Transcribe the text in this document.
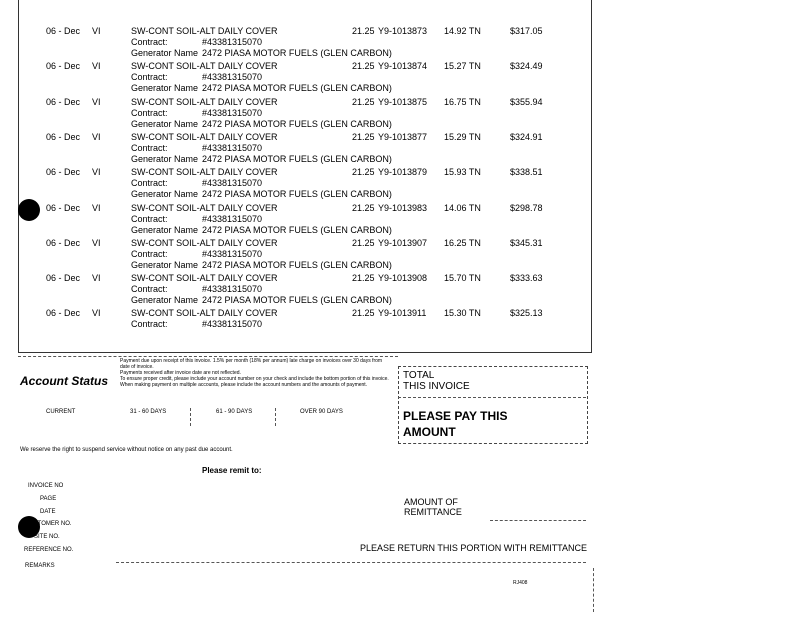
06 - Dec VI	SW-CONT SOIL-ALT DAILY COVER	21.25 Y9-1013873 14.92 TN	$317.05
Contract:	#43381315070
Generator Name 2472 PIASA MOTOR FUELS (GLEN CARBON)
06 - Dec VI	SW-CONT SOIL-ALT DAILY COVER	21.25 Y9-1013874 15.27 TN	$324.49
Contract:	#43381315070
Generator Name 2472 PIASA MOTOR FUELS (GLEN CARBON)
06 - Dec VI	SW-CONT SOIL-ALT DAILY COVER	21.25 Y9-1013875 16.75 TN	$355.94
Contract:	#43381315070
Generator Name 2472 PIASA MOTOR FUELS (GLEN CARBON)
06 - Dec VI	SW-CONT SOIL-ALT DAILY COVER	21.25 Y9-1013877 15.29 TN	$324.91
Contract:	#43381315070
Generator Name 2472 PIASA MOTOR FUELS (GLEN CARBON)
06 - Dec VI	SW-CONT SOIL-ALT DAILY COVER	21.25 Y9-1013879 15.93 TN	$338.51
Contract:	#43381315070
Generator Name 2472 PIASA MOTOR FUELS (GLEN CARBON)
06 - Dec VI	SW-CONT SOIL-ALT DAILY COVER	21.25 Y9-1013983 14.06 TN	$298.78
Contract:	#43381315070
Generator Name 2472 PIASA MOTOR FUELS (GLEN CARBON)
06 - Dec VI	SW-CONT SOIL-ALT DAILY COVER	21.25 Y9-1013907 16.25 TN	$345.31
Contract:	#43381315070
Generator Name 2472 PIASA MOTOR FUELS (GLEN CARBON)
06 - Dec VI	SW-CONT SOIL-ALT DAILY COVER	21.25 Y9-1013908 15.70 TN	$333.63
Contract:	#43381315070
Generator Name 2472 PIASA MOTOR FUELS (GLEN CARBON)
06 - Dec VI	SW-CONT SOIL-ALT DAILY COVER	21.25 Y9-1013911 15.30 TN	$325.13
Contract:	#43381315070
Account Status
Payment due upon receipt of this invoice. 1.5% per month (18% per annum) late charge on invoices over 30 days from date of invoice.
Payments received after invoice date are not reflected.
To ensure proper credit, please include your account number on your check and include the bottom portion of this invoice. When making payment on multiple accounts, please include the account numbers and the amounts of payment.
CURRENT	31 - 60 DAYS	61 - 90 DAYS	OVER 90 DAYS
We reserve the right to suspend service without notice on any past due account.
TOTAL
THIS INVOICE
PLEASE PAY THIS
AMOUNT
Please remit to:
INVOICE NO
PAGE
DATE
CUSTOMER NO.
SITE NO.
REFERENCE NO.
REMARKS
AMOUNT OF
REMITTANCE
PLEASE RETURN THIS PORTION WITH REMITTANCE
RJ408
